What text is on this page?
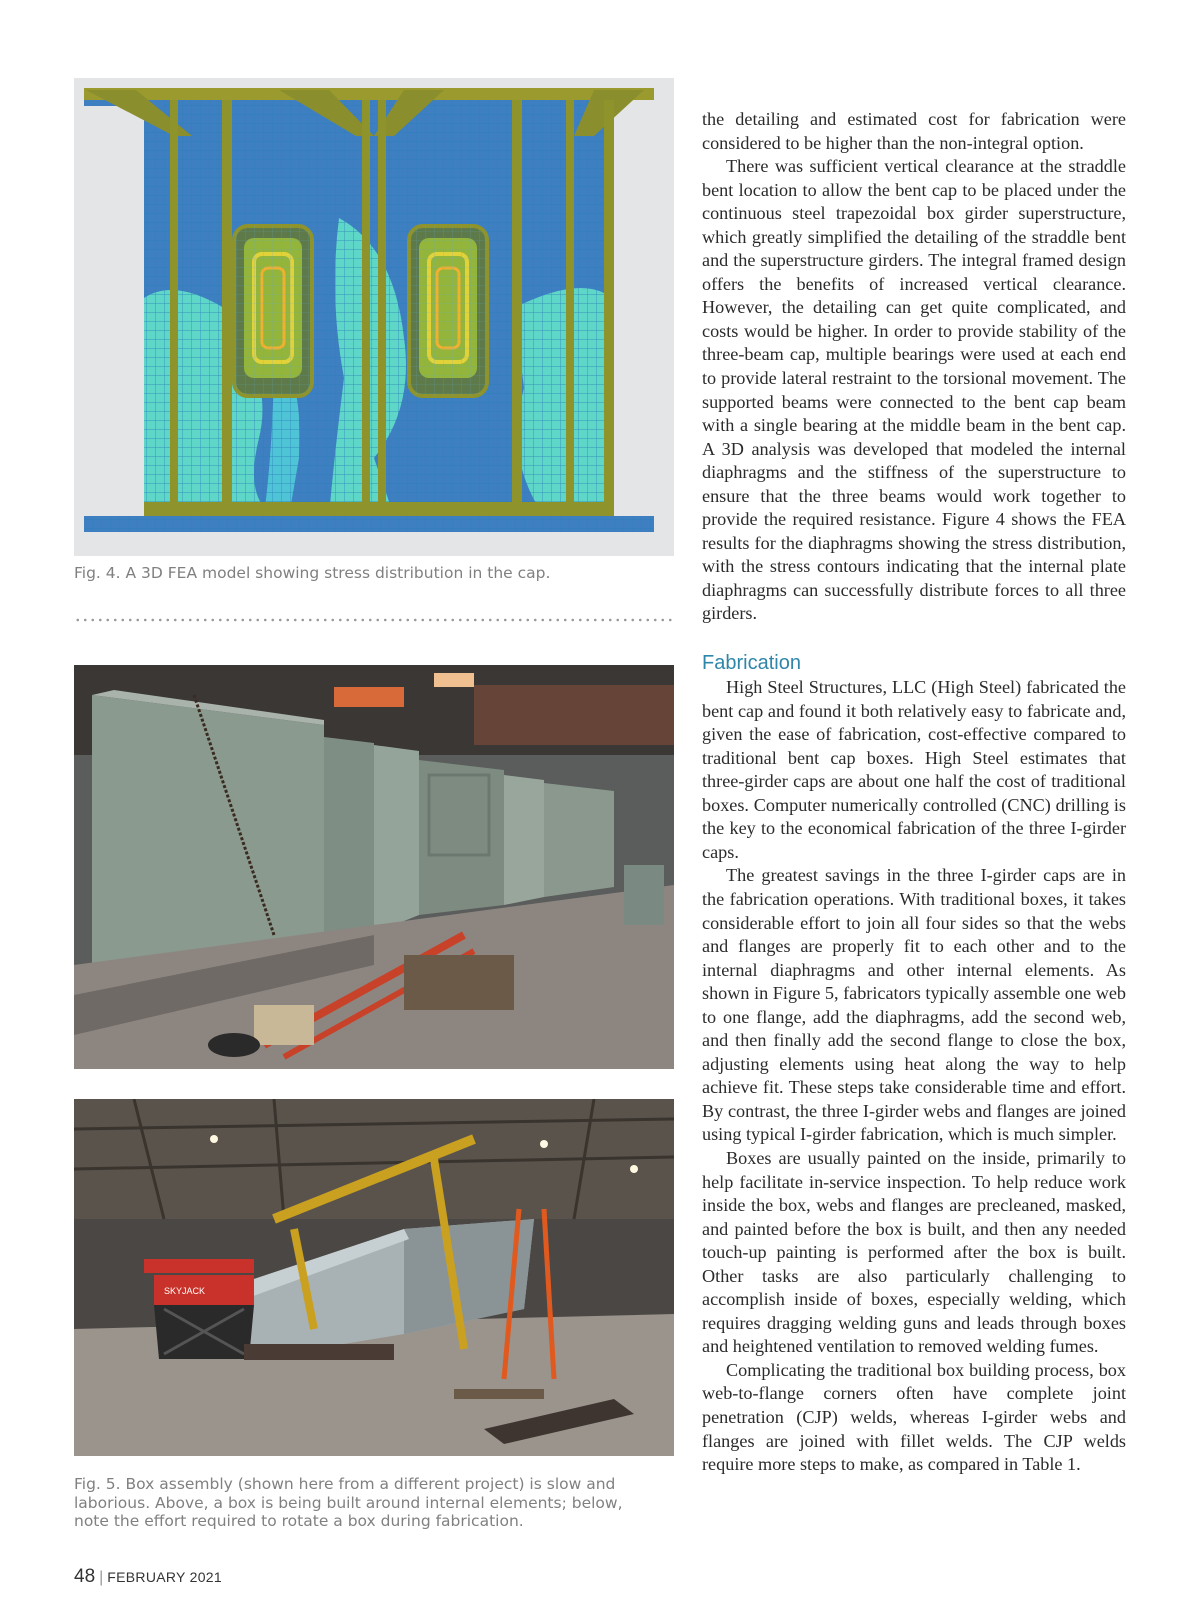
Fig. 4. A 3D FEA model showing stress distribution in the cap.
SKYJACK
Fig. 5. Box assembly (shown here from a different project) is slow and laborious. Above, a box is being built around internal elements; below, note the effort required to rotate a box during fabrication.

the detailing and estimated cost for fabrication were considered to be higher than the non-integral option.

There was sufficient vertical clearance at the straddle bent location to allow the bent cap to be placed under the continuous steel trapezoidal box girder superstructure, which greatly simplified the detailing of the straddle bent and the superstructure girders. The integral framed design offers the benefits of increased vertical clearance. However, the detailing can get quite complicated, and costs would be higher. In order to provide stability of the three-beam cap, multiple bearings were used at each end to provide lateral restraint to the torsional movement. The supported beams were connected to the bent cap beam with a single bearing at the middle beam in the bent cap. A 3D analysis was developed that modeled the internal diaphragms and the stiffness of the superstructure to ensure that the three beams would work together to provide the required resistance. Figure 4 shows the FEA results for the diaphragms showing the stress distribution, with the stress contours indicating that the internal plate diaphragms can successfully distribute forces to all three girders.

Fabrication

High Steel Structures, LLC (High Steel) fabricated the bent cap and found it both relatively easy to fabricate and, given the ease of fabrication, cost-effective compared to traditional bent cap boxes. High Steel estimates that three-girder caps are about one half the cost of traditional boxes. Computer numerically controlled (CNC) drilling is the key to the economical fabrication of the three I-girder caps.

The greatest savings in the three I-girder caps are in the fabrication operations. With traditional boxes, it takes considerable effort to join all four sides so that the webs and flanges are properly fit to each other and to the internal diaphragms and other internal elements. As shown in Figure 5, fabricators typically assemble one web to one flange, add the diaphragms, add the second web, and then finally add the second flange to close the box, adjusting elements using heat along the way to help achieve fit. These steps take considerable time and effort. By contrast, the three I-girder webs and flanges are joined using typical I-girder fabrication, which is much simpler.

Boxes are usually painted on the inside, primarily to help facilitate in-service inspection. To help reduce work inside the box, webs and flanges are precleaned, masked, and painted before the box is built, and then any needed touch-up painting is performed after the box is built. Other tasks are also particularly challenging to accomplish inside of boxes, especially welding, which requires dragging welding guns and leads through boxes and heightened ventilation to removed welding fumes.

Complicating the traditional box building process, box web-to-flange corners often have complete joint penetration (CJP) welds, whereas I-girder webs and flanges are joined with fillet welds. The CJP welds require more steps to make, as compared in Table 1.

48 | FEBRUARY 2021
